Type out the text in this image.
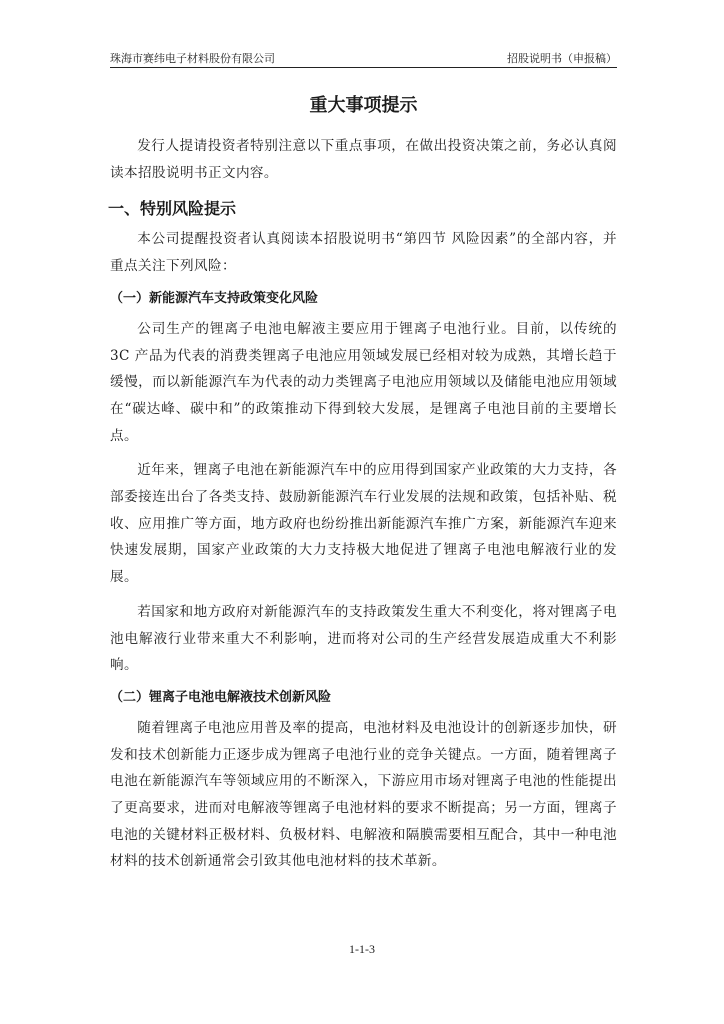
珠海市赛纬电子材料股份有限公司	招股说明书（申报稿）
重大事项提示

发行人提请投资者特别注意以下重点事项，在做出投资决策之前，务必认真阅读本招股说明书正文内容。

一、特别风险提示

本公司提醒投资者认真阅读本招股说明书“第四节 风险因素”的全部内容，并重点关注下列风险：

（一）新能源汽车支持政策变化风险

公司生产的锂离子电池电解液主要应用于锂离子电池行业。目前，以传统的3C 产品为代表的消费类锂离子电池应用领域发展已经相对较为成熟，其增长趋于缓慢，而以新能源汽车为代表的动力类锂离子电池应用领域以及储能电池应用领域在“碳达峰、碳中和”的政策推动下得到较大发展，是锂离子电池目前的主要增长点。

近年来，锂离子电池在新能源汽车中的应用得到国家产业政策的大力支持，各部委接连出台了各类支持、鼓励新能源汽车行业发展的法规和政策，包括补贴、税收、应用推广等方面，地方政府也纷纷推出新能源汽车推广方案，新能源汽车迎来快速发展期，国家产业政策的大力支持极大地促进了锂离子电池电解液行业的发展。

若国家和地方政府对新能源汽车的支持政策发生重大不利变化，将对锂离子电池电解液行业带来重大不利影响，进而将对公司的生产经营发展造成重大不利影响。

（二）锂离子电池电解液技术创新风险

随着锂离子电池应用普及率的提高，电池材料及电池设计的创新逐步加快，研发和技术创新能力正逐步成为锂离子电池行业的竞争关键点。一方面，随着锂离子电池在新能源汽车等领域应用的不断深入，下游应用市场对锂离子电池的性能提出了更高要求，进而对电解液等锂离子电池材料的要求不断提高；另一方面，锂离子电池的关键材料正极材料、负极材料、电解液和隔膜需要相互配合，其中一种电池材料的技术创新通常会引致其他电池材料的技术革新。

1-1-3
